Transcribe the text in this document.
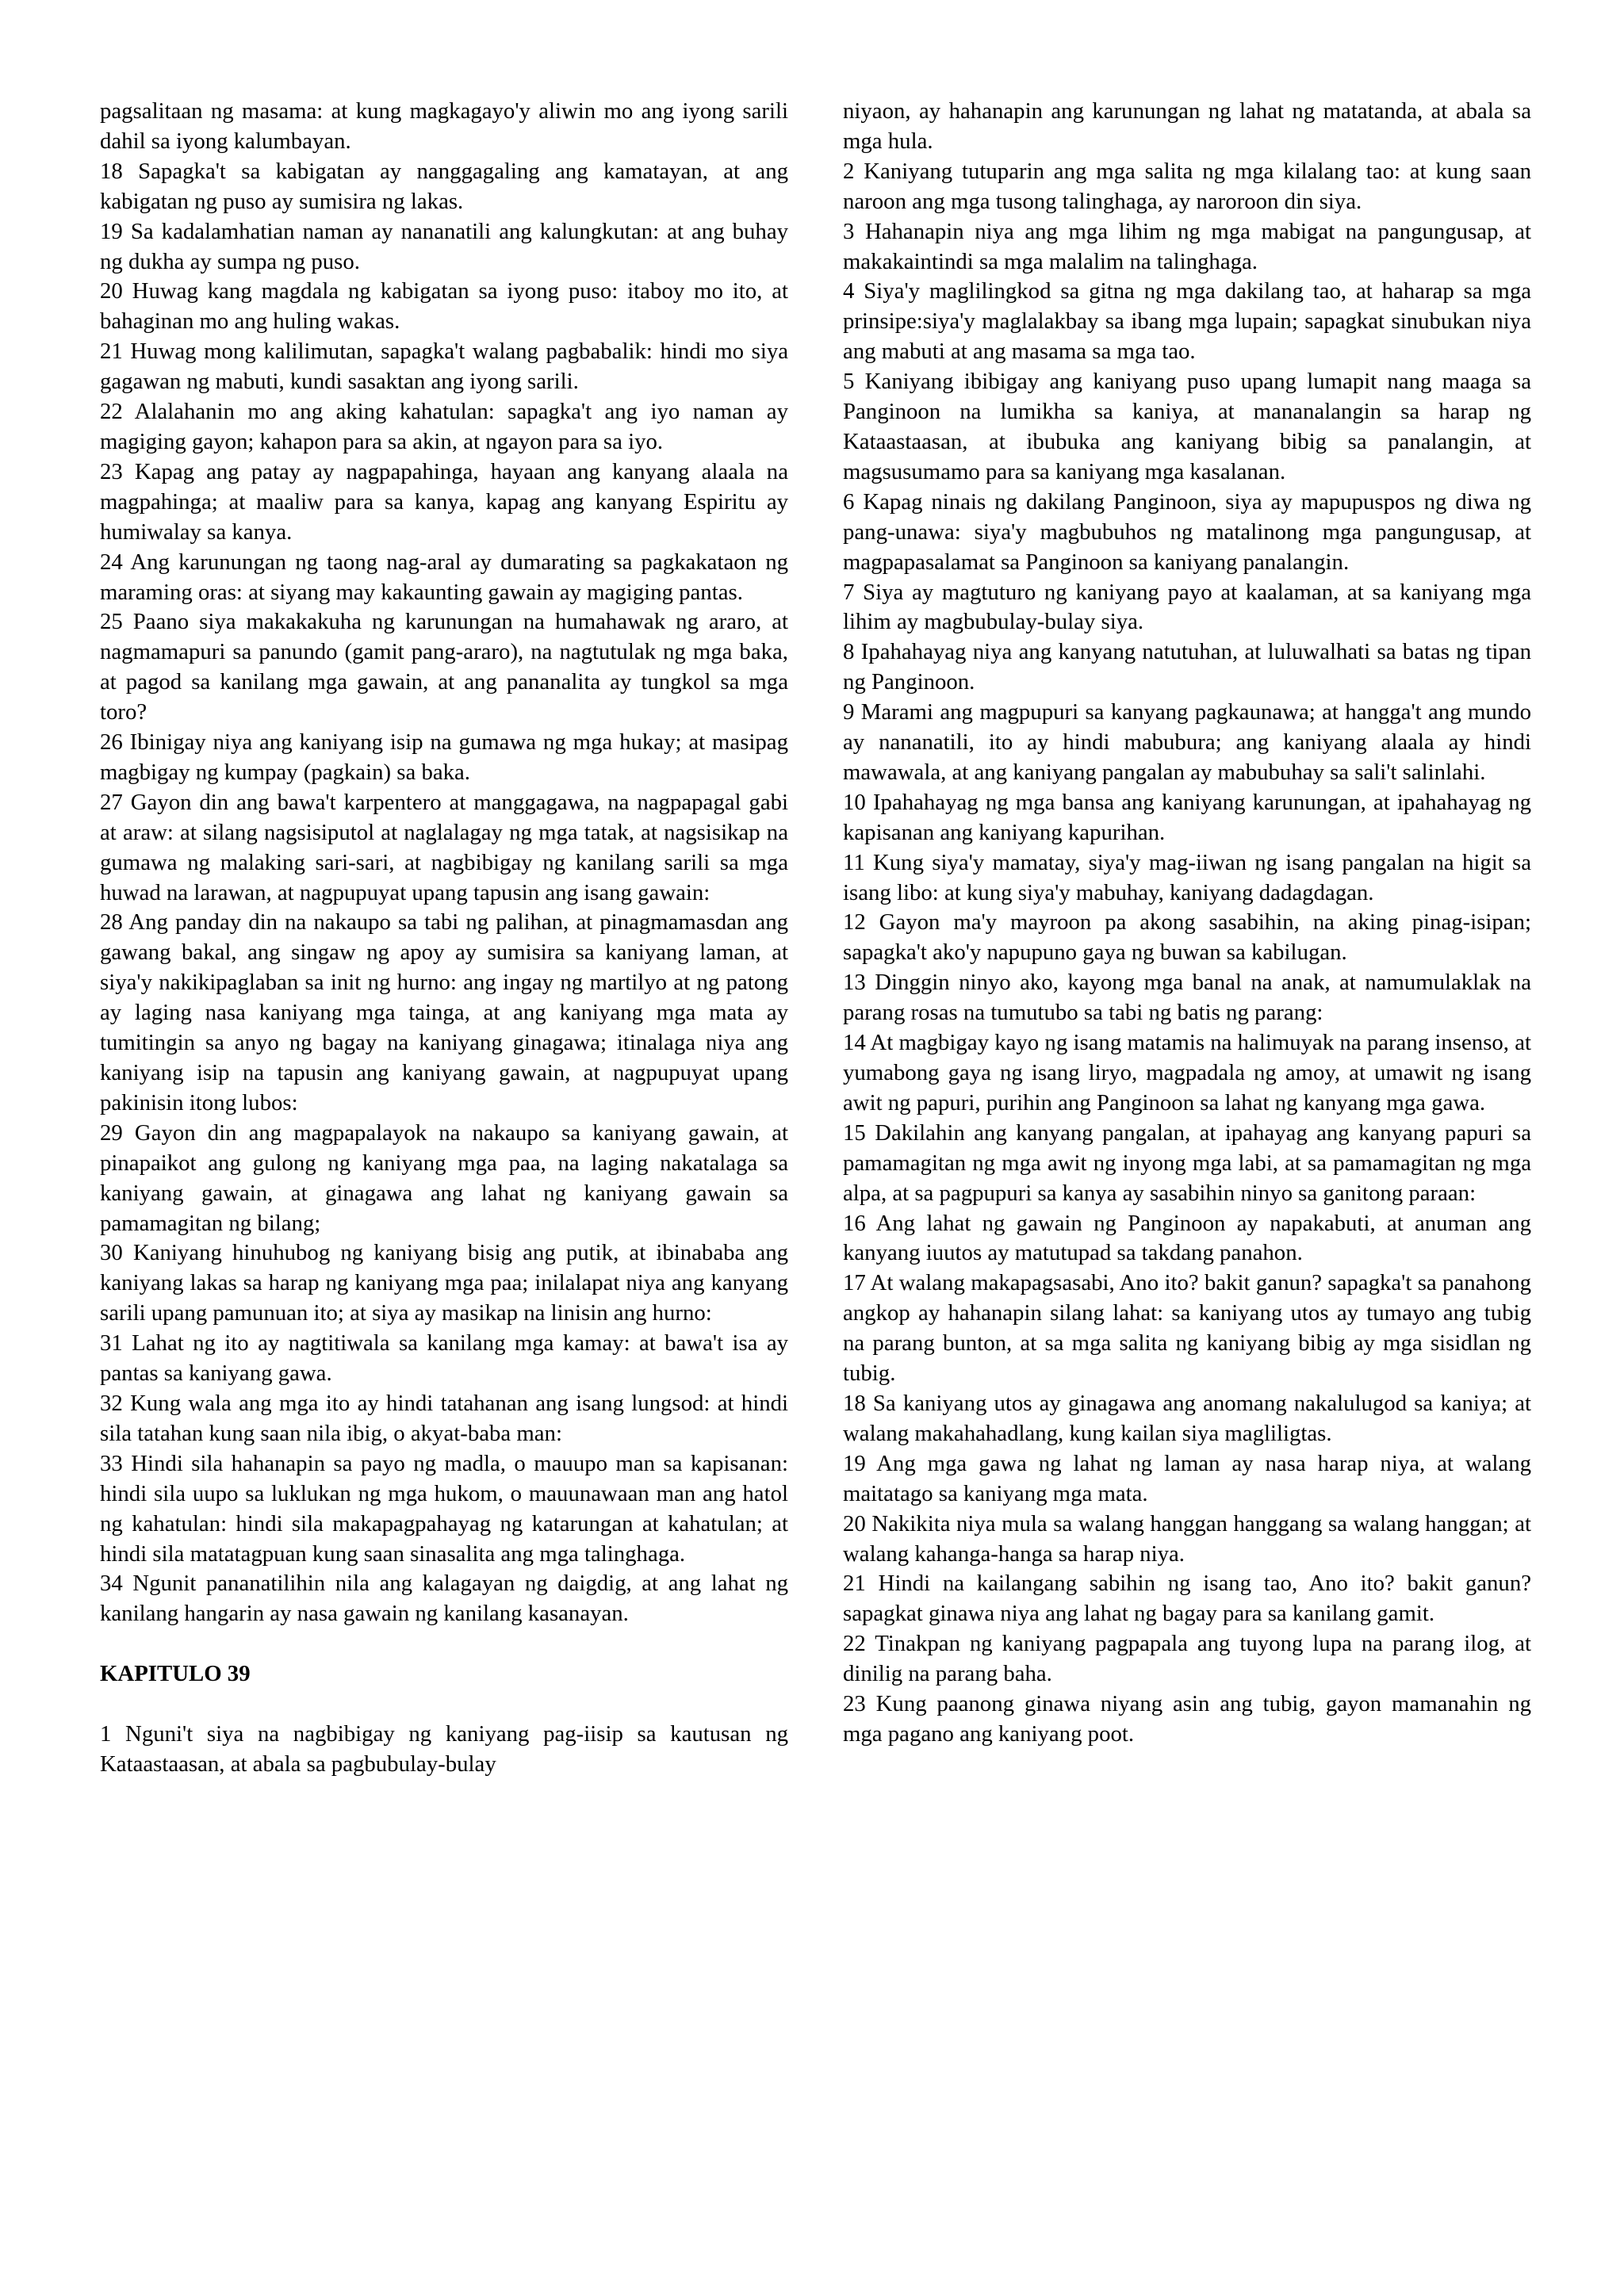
pagsalitaan ng masama: at kung magkagayo'y aliwin mo ang iyong sarili dahil sa iyong kalumbayan.

18 Sapagka't sa kabigatan ay nanggagaling ang kamatayan, at ang kabigatan ng puso ay sumisira ng lakas.

19 Sa kadalamhatian naman ay nananatili ang kalungkutan: at ang buhay ng dukha ay sumpa ng puso.

20 Huwag kang magdala ng kabigatan sa iyong puso: itaboy mo ito, at bahaginan mo ang huling wakas.

21 Huwag mong kalilimutan, sapagka't walang pagbabalik: hindi mo siya gagawan ng mabuti, kundi sasaktan ang iyong sarili.

22 Alalahanin mo ang aking kahatulan: sapagka't ang iyo naman ay magiging gayon; kahapon para sa akin, at ngayon para sa iyo.

23 Kapag ang patay ay nagpapahinga, hayaan ang kanyang alaala na magpahinga; at maaliw para sa kanya, kapag ang kanyang Espiritu ay humiwalay sa kanya.

24 Ang karunungan ng taong nag-aral ay dumarating sa pagkakataon ng maraming oras: at siyang may kakaunting gawain ay magiging pantas.

25 Paano siya makakakuha ng karunungan na humahawak ng araro, at nagmamapuri sa panundo (gamit pang-araro), na nagtutulak ng mga baka, at pagod sa kanilang mga gawain, at ang pananalita ay tungkol sa mga toro?

26 Ibinigay niya ang kaniyang isip na gumawa ng mga hukay; at masipag magbigay ng kumpay (pagkain) sa baka.

27 Gayon din ang bawa't karpentero at manggagawa, na nagpapagal gabi at araw: at silang nagsisiputol at naglalagay ng mga tatak, at nagsisikap na gumawa ng malaking sari-sari, at nagbibigay ng kanilang sarili sa mga huwad na larawan, at nagpupuyat upang tapusin ang isang gawain:

28 Ang panday din na nakaupo sa tabi ng palihan, at pinagmamasdan ang gawang bakal, ang singaw ng apoy ay sumisira sa kaniyang laman, at siya'y nakikipaglaban sa init ng hurno: ang ingay ng martilyo at ng patong ay laging nasa kaniyang mga tainga, at ang kaniyang mga mata ay tumitingin sa anyo ng bagay na kaniyang ginagawa; itinalaga niya ang kaniyang isip na tapusin ang kaniyang gawain, at nagpupuyat upang pakinisin itong lubos:

29 Gayon din ang magpapalayok na nakaupo sa kaniyang gawain, at pinapaikot ang gulong ng kaniyang mga paa, na laging nakatalaga sa kaniyang gawain, at ginagawa ang lahat ng kaniyang gawain sa pamamagitan ng bilang;

30 Kaniyang hinuhubog ng kaniyang bisig ang putik, at ibinababa ang kaniyang lakas sa harap ng kaniyang mga paa; inilalapat niya ang kanyang sarili upang pamunuan ito; at siya ay masikap na linisin ang hurno:

31 Lahat ng ito ay nagtitiwala sa kanilang mga kamay: at bawa't isa ay pantas sa kaniyang gawa.

32 Kung wala ang mga ito ay hindi tatahanan ang isang lungsod: at hindi sila tatahan kung saan nila ibig, o akyat-baba man:

33 Hindi sila hahanapin sa payo ng madla, o mauupo man sa kapisanan: hindi sila uupo sa luklukan ng mga hukom, o mauunawaan man ang hatol ng kahatulan: hindi sila makapagpahayag ng katarungan at kahatulan; at hindi sila matatagpuan kung saan sinasalita ang mga talinghaga.

34 Ngunit pananatilihin nila ang kalagayan ng daigdig, at ang lahat ng kanilang hangarin ay nasa gawain ng kanilang kasanayan.

KAPITULO 39

1 Nguni't siya na nagbibigay ng kaniyang pag-iisip sa kautusan ng Kataastaasan, at abala sa pagbubulay-bulay

niyaon, ay hahanapin ang karunungan ng lahat ng matatanda, at abala sa mga hula.

2 Kaniyang tutuparin ang mga salita ng mga kilalang tao: at kung saan naroon ang mga tusong talinghaga, ay naroroon din siya.

3 Hahanapin niya ang mga lihim ng mga mabigat na pangungusap, at makakaintindi sa mga malalim na talinghaga.

4 Siya'y maglilingkod sa gitna ng mga dakilang tao, at haharap sa mga prinsipe:siya'y maglalakbay sa ibang mga lupain; sapagkat sinubukan niya ang mabuti at ang masama sa mga tao.

5 Kaniyang ibibigay ang kaniyang puso upang lumapit nang maaga sa Panginoon na lumikha sa kaniya, at mananalangin sa harap ng Kataastaasan, at ibubuka ang kaniyang bibig sa panalangin, at magsusumamo para sa kaniyang mga kasalanan.

6 Kapag ninais ng dakilang Panginoon, siya ay mapupuspos ng diwa ng pang-unawa: siya'y magbubuhos ng matalinong mga pangungusap, at magpapasalamat sa Panginoon sa kaniyang panalangin.

7 Siya ay magtuturo ng kaniyang payo at kaalaman, at sa kaniyang mga lihim ay magbubulay-bulay siya.

8 Ipahahayag niya ang kanyang natutuhan, at luluwalhati sa batas ng tipan ng Panginoon.

9 Marami ang magpupuri sa kanyang pagkaunawa; at hangga't ang mundo ay nananatili, ito ay hindi mabubura; ang kaniyang alaala ay hindi mawawala, at ang kaniyang pangalan ay mabubuhay sa sali't salinlahi.

10 Ipahahayag ng mga bansa ang kaniyang karunungan, at ipahahayag ng kapisanan ang kaniyang kapurihan.

11 Kung siya'y mamatay, siya'y mag-iiwan ng isang pangalan na higit sa isang libo: at kung siya'y mabuhay, kaniyang dadagdagan.

12 Gayon ma'y mayroon pa akong sasabihin, na aking pinag-isipan; sapagka't ako'y napupuno gaya ng buwan sa kabilugan.

13 Dinggin ninyo ako, kayong mga banal na anak, at namumulaklak na parang rosas na tumutubo sa tabi ng batis ng parang:

14 At magbigay kayo ng isang matamis na halimuyak na parang insenso, at yumabong gaya ng isang liryo, magpadala ng amoy, at umawit ng isang awit ng papuri, purihin ang Panginoon sa lahat ng kanyang mga gawa.

15 Dakilahin ang kanyang pangalan, at ipahayag ang kanyang papuri sa pamamagitan ng mga awit ng inyong mga labi, at sa pamamagitan ng mga alpa, at sa pagpupuri sa kanya ay sasabihin ninyo sa ganitong paraan:

16 Ang lahat ng gawain ng Panginoon ay napakabuti, at anuman ang kanyang iuutos ay matutupad sa takdang panahon.

17 At walang makapagsasabi, Ano ito? bakit ganun? sapagka't sa panahong angkop ay hahanapin silang lahat: sa kaniyang utos ay tumayo ang tubig na parang bunton, at sa mga salita ng kaniyang bibig ay mga sisidlan ng tubig.

18 Sa kaniyang utos ay ginagawa ang anomang nakalulugod sa kaniya; at walang makahahadlang, kung kailan siya magliligtas.

19 Ang mga gawa ng lahat ng laman ay nasa harap niya, at walang maitatago sa kaniyang mga mata.

20 Nakikita niya mula sa walang hanggan hanggang sa walang hanggan; at walang kahanga-hanga sa harap niya.

21 Hindi na kailangang sabihin ng isang tao, Ano ito? bakit ganun? sapagkat ginawa niya ang lahat ng bagay para sa kanilang gamit.

22 Tinakpan ng kaniyang pagpapala ang tuyong lupa na parang ilog, at dinilig na parang baha.

23 Kung paanong ginawa niyang asin ang tubig, gayon mamanahin ng mga pagano ang kaniyang poot.
